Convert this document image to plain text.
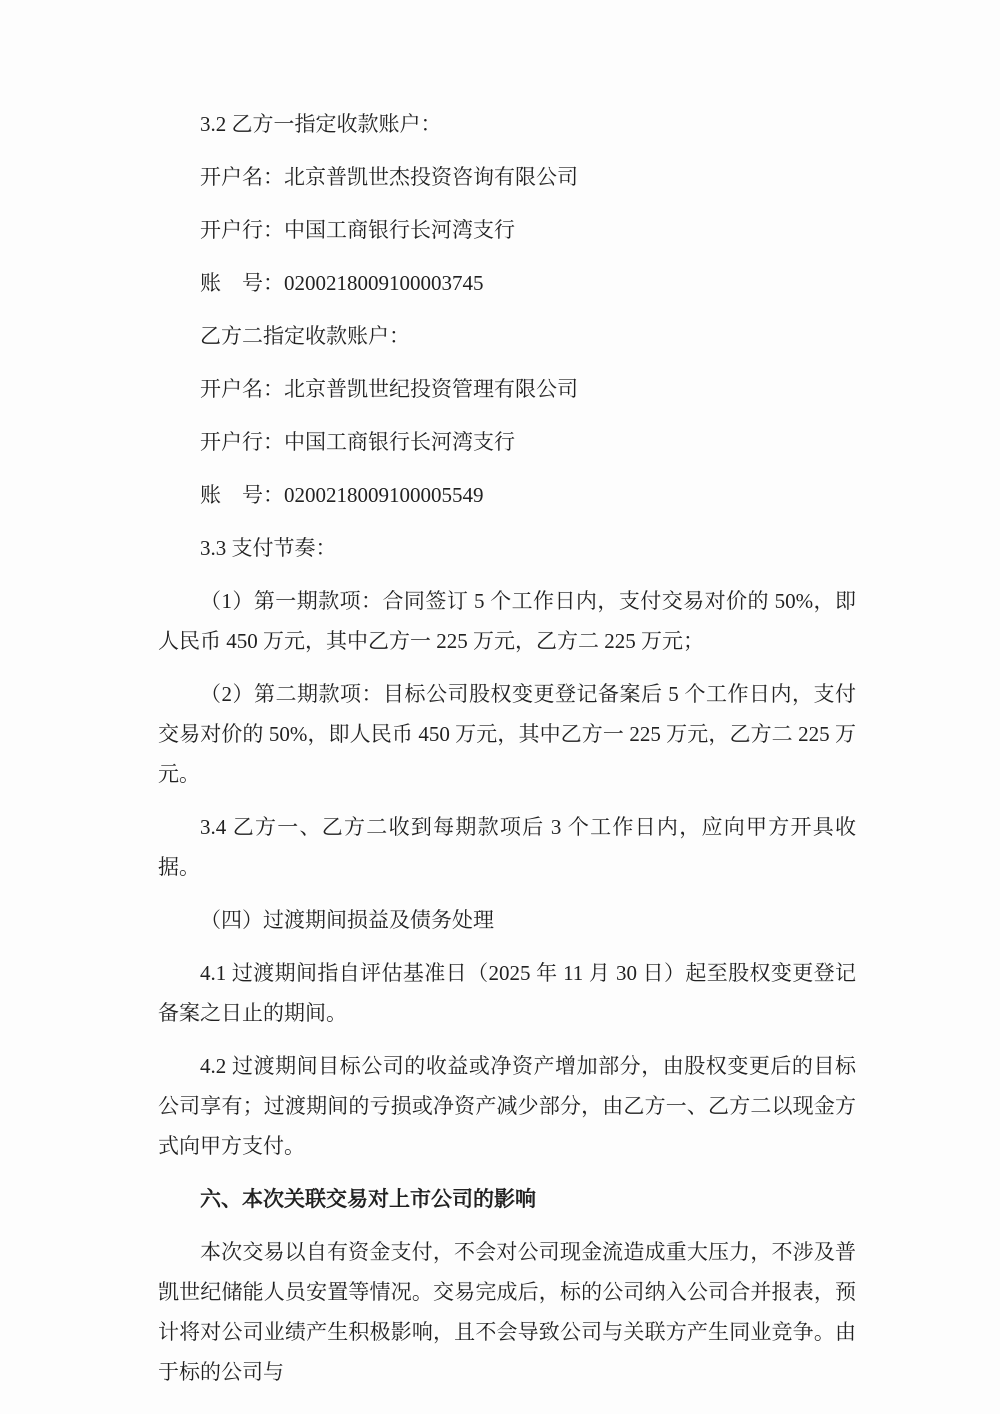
3.2 乙方一指定收款账户：

开户名：北京普凯世杰投资咨询有限公司

开户行：中国工商银行长河湾支行

账　号：0200218009100003745

乙方二指定收款账户：

开户名：北京普凯世纪投资管理有限公司

开户行：中国工商银行长河湾支行

账　号：0200218009100005549

3.3 支付节奏：

（1）第一期款项：合同签订 5 个工作日内，支付交易对价的 50%，即人民币 450 万元，其中乙方一 225 万元，乙方二 225 万元；

（2）第二期款项：目标公司股权变更登记备案后 5 个工作日内，支付交易对价的 50%，即人民币 450 万元，其中乙方一 225 万元，乙方二 225 万元。

3.4 乙方一、乙方二收到每期款项后 3 个工作日内，应向甲方开具收据。

（四）过渡期间损益及债务处理

4.1 过渡期间指自评估基准日（2025 年 11 月 30 日）起至股权变更登记备案之日止的期间。

4.2 过渡期间目标公司的收益或净资产增加部分，由股权变更后的目标公司享有；过渡期间的亏损或净资产减少部分，由乙方一、乙方二以现金方式向甲方支付。

六、本次关联交易对上市公司的影响

本次交易以自有资金支付，不会对公司现金流造成重大压力，不涉及普凯世纪储能人员安置等情况。交易完成后，标的公司纳入公司合并报表，预计将对公司业绩产生积极影响，且不会导致公司与关联方产生同业竞争。由于标的公司与
